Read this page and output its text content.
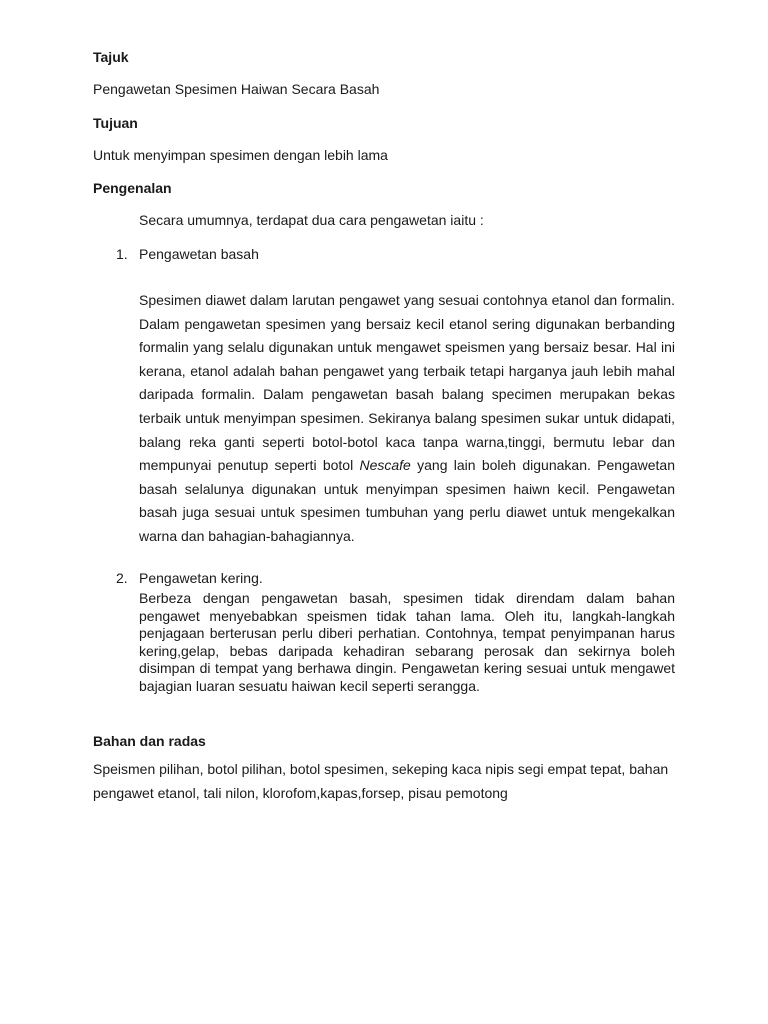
Tajuk

Pengawetan Spesimen Haiwan Secara Basah

Tujuan

Untuk menyimpan spesimen dengan lebih lama

Pengenalan

Secara umumnya, terdapat dua cara pengawetan iaitu :

1. Pengawetan basah

Spesimen diawet dalam larutan pengawet yang sesuai contohnya etanol dan formalin. Dalam pengawetan spesimen yang bersaiz kecil etanol sering digunakan berbanding formalin yang selalu digunakan untuk mengawet speismen yang bersaiz besar. Hal ini kerana, etanol adalah bahan pengawet yang terbaik tetapi harganya jauh lebih mahal daripada formalin. Dalam pengawetan basah balang specimen merupakan bekas terbaik untuk menyimpan spesimen. Sekiranya balang spesimen sukar untuk didapati, balang reka ganti seperti botol-botol kaca tanpa warna,tinggi, bermutu lebar dan mempunyai penutup seperti botol Nescafe yang lain boleh digunakan. Pengawetan basah selalunya digunakan untuk menyimpan spesimen haiwn kecil. Pengawetan basah juga sesuai untuk spesimen tumbuhan yang perlu diawet untuk mengekalkan warna dan bahagian-bahagiannya.

2. Pengawetan kering.

Berbeza dengan pengawetan basah, spesimen tidak direndam dalam bahan pengawet menyebabkan speismen tidak tahan lama. Oleh itu, langkah-langkah penjagaan berterusan perlu diberi perhatian. Contohnya, tempat penyimpanan harus kering,gelap, bebas daripada kehadiran sebarang perosak dan sekirnya boleh disimpan di tempat yang berhawa dingin. Pengawetan kering sesuai untuk mengawet bajagian luaran sesuatu haiwan kecil seperti serangga.

Bahan dan radas

Speismen pilihan, botol pilihan, botol spesimen, sekeping kaca nipis segi empat tepat, bahan pengawet etanol, tali nilon, klorofom,kapas,forsep, pisau pemotong
